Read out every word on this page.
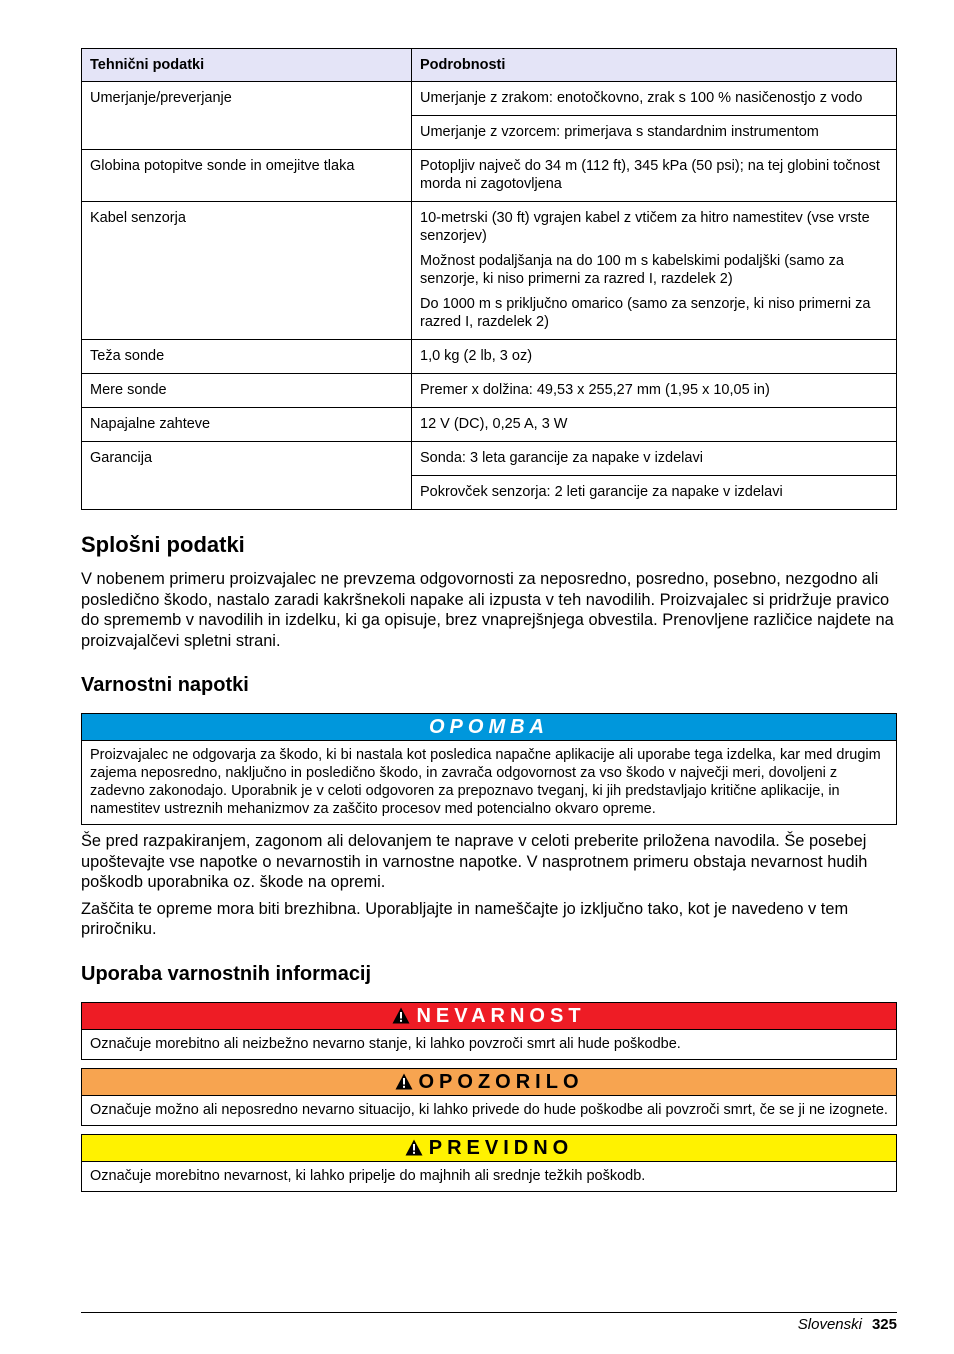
Tehnični podatki	Podrobnosti
Umerjanje/preverjanje	Umerjanje z zrakom: enotočkovno, zrak s 100 % nasičenostjo z vodo
	Umerjanje z vzorcem: primerjava s standardnim instrumentom
Globina potopitve sonde in omejitve tlaka	Potopljiv največ do 34 m (112 ft), 345 kPa (50 psi); na tej globini točnost morda ni zagotovljena
Kabel senzorja	10-metrski (30 ft) vgrajen kabel z vtičem za hitro namestitev (vse vrste senzorjev)

Možnost podaljšanja na do 100 m s kabelskimi podaljški (samo za senzorje, ki niso primerni za razred I, razdelek 2)

Do 1000 m s priključno omarico (samo za senzorje, ki niso primerni za razred I, razdelek 2)

Teža sonde	1,0 kg (2 lb, 3 oz)
Mere sonde	Premer x dolžina: 49,53 x 255,27 mm (1,95 x 10,05 in)
Napajalne zahteve	12 V (DC), 0,25 A, 3 W
Garancija	Sonda: 3 leta garancije za napake v izdelavi
	Pokrovček senzorja: 2 leti garancije za napake v izdelavi
Splošni podatki

V nobenem primeru proizvajalec ne prevzema odgovornosti za neposredno, posredno, posebno, nezgodno ali posledično škodo, nastalo zaradi kakršnekoli napake ali izpusta v teh navodilih. Proizvajalec si pridržuje pravico do sprememb v navodilih in izdelku, ki ga opisuje, brez vnaprejšnjega obvestila. Prenovljene različice najdete na proizvajalčevi spletni strani.

Varnostni napotki
OPOMBA
Proizvajalec ne odgovarja za škodo, ki bi nastala kot posledica napačne aplikacije ali uporabe tega izdelka, kar med drugim zajema neposredno, naključno in posledično škodo, in zavrača odgovornost za vso škodo v največji meri, dovoljeni z zadevno zakonodajo. Uporabnik je v celoti odgovoren za prepoznavo tveganj, ki jih predstavljajo kritične aplikacije, in namestitev ustreznih mehanizmov za zaščito procesov med potencialno okvaro opreme.

Še pred razpakiranjem, zagonom ali delovanjem te naprave v celoti preberite priložena navodila. Še posebej upoštevajte vse napotke o nevarnostih in varnostne napotke. V nasprotnem primeru obstaja nevarnost hudih poškodb uporabnika oz. škode na opremi.

Zaščita te opreme mora biti brezhibna. Uporabljajte in nameščajte jo izključno tako, kot je navedeno v tem priročniku.

Uporaba varnostnih informacij
NEVARNOST
Označuje morebitno ali neizbežno nevarno stanje, ki lahko povzroči smrt ali hude poškodbe.
OPOZORILO
Označuje možno ali neposredno nevarno situacijo, ki lahko privede do hude poškodbe ali povzroči smrt, če se ji ne izognete.
PREVIDNO
Označuje morebitno nevarnost, ki lahko pripelje do majhnih ali srednje težkih poškodb.
Slovenski 325
